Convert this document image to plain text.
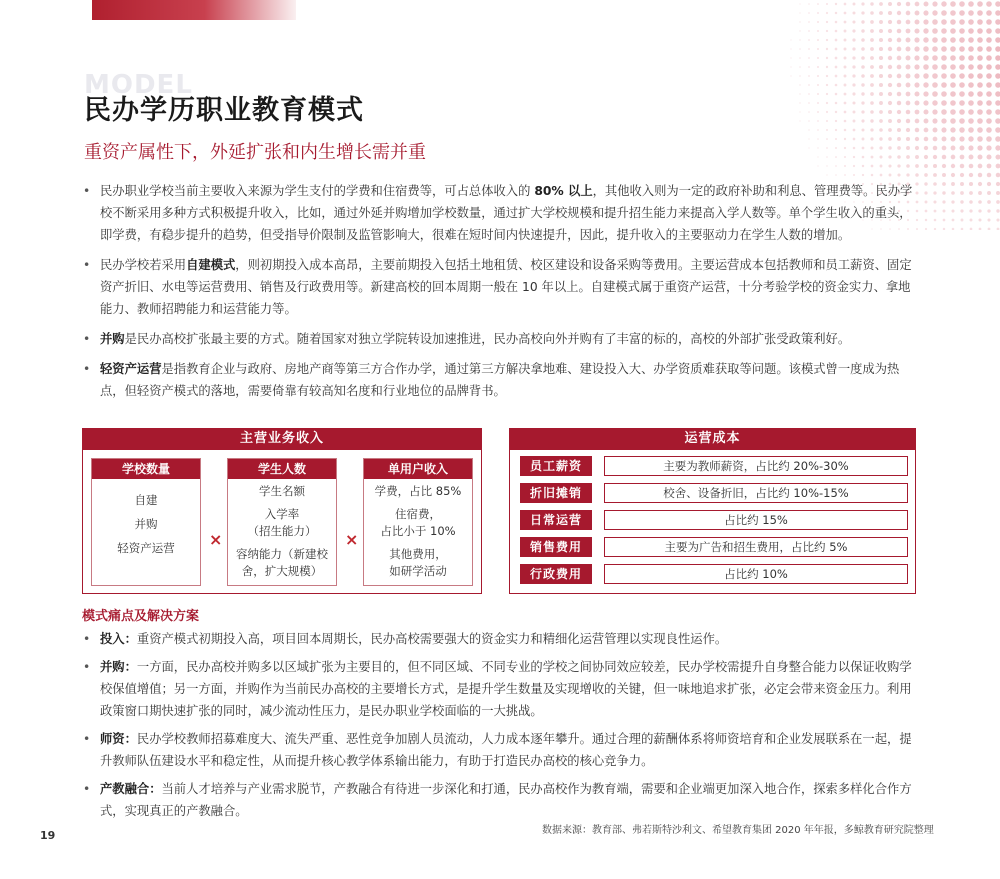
MODEL
民办学历职业教育模式
重资产属性下，外延扩张和内生增长需并重

• 民办职业学校当前主要收入来源为学生支付的学费和住宿费等，可占总体收入的 80% 以上，其他收入则为一定的政府补助和利息、管理费等。民办学校不断采用多种方式积极提升收入，比如，通过外延并购增加学校数量，通过扩大学校规模和提升招生能力来提高入学人数等。单个学生收入的重头，即学费，有稳步提升的趋势，但受指导价限制及监管影响大，很难在短时间内快速提升，因此，提升收入的主要驱动力在学生人数的增加。

• 民办学校若采用自建模式，则初期投入成本高昂，主要前期投入包括土地租赁、校区建设和设备采购等费用。主要运营成本包括教师和员工薪资、固定资产折旧、水电等运营费用、销售及行政费用等。新建高校的回本周期一般在 10 年以上。自建模式属于重资产运营，十分考验学校的资金实力、拿地能力、教师招聘能力和运营能力等。

• 并购是民办高校扩张最主要的方式。随着国家对独立学院转设加速推进，民办高校向外并购有了丰富的标的，高校的外部扩张受政策利好。

• 轻资产运营是指教育企业与政府、房地产商等第三方合作办学，通过第三方解决拿地难、建设投入大、办学资质难获取等问题。该模式曾一度成为热点，但轻资产模式的落地，需要倚靠有较高知名度和行业地位的品牌背书。

主营业务收入
学校数量
自建
并购
轻资产运营	×
学生人数
学生名额
入学率
（招生能力）
容纳能力（新建校舍，扩大规模）
×
单用户收入
学费，占比 85%
住宿费，
占比小于 10%
其他费用，
如研学活动
运营成本
员工薪资	主要为教师薪资，占比约 20%-30%
折旧摊销	校舍、设备折旧，占比约 10%-15%
日常运营	占比约 15%
销售费用	主要为广告和招生费用，占比约 5%
行政费用	占比约 10%
模式痛点及解决方案

• 投入：重资产模式初期投入高，项目回本周期长，民办高校需要强大的资金实力和精细化运营管理以实现良性运作。

• 并购：一方面，民办高校并购多以区域扩张为主要目的，但不同区域、不同专业的学校之间协同效应较差，民办学校需提升自身整合能力以保证收购学校保值增值；另一方面，并购作为当前民办高校的主要增长方式，是提升学生数量及实现增收的关键，但一味地追求扩张，必定会带来资金压力。利用政策窗口期快速扩张的同时，减少流动性压力，是民办职业学校面临的一大挑战。

• 师资：民办学校教师招募难度大、流失严重、恶性竞争加剧人员流动，人力成本逐年攀升。通过合理的薪酬体系将师资培育和企业发展联系在一起，提升教师队伍建设水平和稳定性，从而提升核心教学体系输出能力，有助于打造民办高校的核心竞争力。

• 产教融合：当前人才培养与产业需求脱节，产教融合有待进一步深化和打通，民办高校作为教育端，需要和企业端更加深入地合作，探索多样化合作方式，实现真正的产教融合。

数据来源：教育部、弗若斯特沙利文、希望教育集团 2020 年年报，多鲸教育研究院整理
19
